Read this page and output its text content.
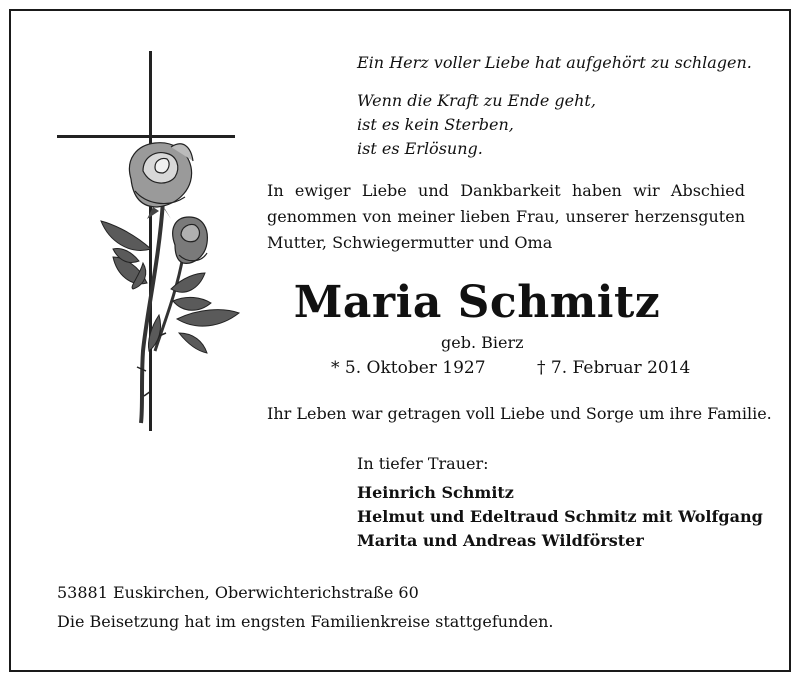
Ein Herz voller Liebe hat aufgehört zu schlagen.

Wenn die Kraft zu Ende geht,

ist es kein Sterben,

ist es Erlösung.

In ewiger Liebe und Dankbarkeit haben wir Abschied genommen von meiner lieben Frau, unserer herzensguten Mutter, Schwiegermutter und Oma

Maria Schmitz

geb. Bierz

* 5. Oktober 1927	† 7. Februar 2014

Ihr Leben war getragen voll Liebe und Sorge um ihre Familie.

In tiefer Trauer:

Heinrich Schmitz
Helmut und Edeltraud Schmitz mit Wolfgang
Marita und Andreas Wildförster

53881 Euskirchen, Oberwichterichstraße 60

Die Beisetzung hat im engsten Familienkreise stattgefunden.
